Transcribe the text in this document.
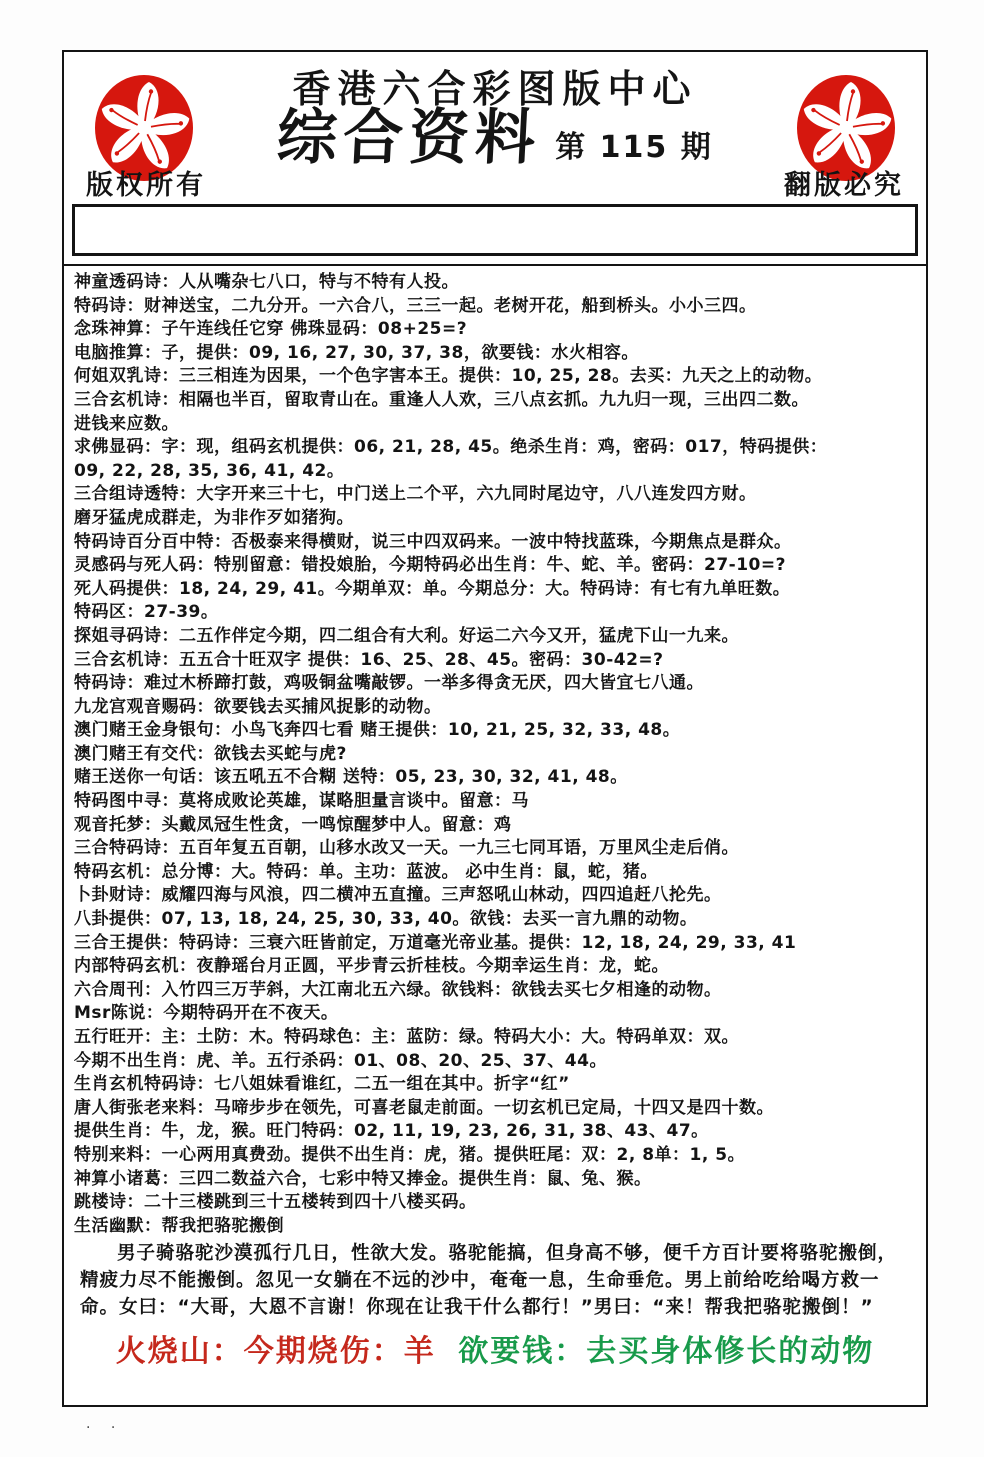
香港六合彩图版中心
综合资料 第 115 期
版权所有	翻版必究
神童透码诗：人从嘴杂七八口，特与不特有人投。
特码诗：财神送宝，二九分开。一六合八，三三一起。老树开花，船到桥头。小小三四。
念珠神算：子午连线任它穿 佛珠显码：08+25=?
电脑推算：子，提供：09, 16, 27, 30, 37, 38，欲要钱：水火相容。
何姐双乳诗：三三相连为因果，一个色字害本王。提供：10, 25, 28。去买：九天之上的动物。
三合玄机诗：相隔也半百，留取青山在。重逢人人欢，三八点玄抓。九九归一现，三出四二数。
进钱来应数。
求佛显码：字：现，组码玄机提供：06, 21, 28, 45。绝杀生肖：鸡，密码：017，特码提供：
09, 22, 28, 35, 36, 41, 42。
三合组诗透特：大字开来三十七，中门送上二个平，六九同时尾边守，八八连发四方财。
磨牙猛虎成群走，为非作歹如猪狗。
特码诗百分百中特：否极泰来得横财，说三中四双码来。一波中特找蓝珠，今期焦点是群众。
灵感码与死人码：特别留意：错投娘胎，今期特码必出生肖：牛、蛇、羊。密码：27-10=?
死人码提供：18, 24, 29, 41。今期单双：单。今期总分：大。特码诗：有七有九单旺数。
特码区：27-39。
探姐寻码诗：二五作伴定今期，四二组合有大利。好运二六今又开，猛虎下山一九来。
三合玄机诗：五五合十旺双字 提供：16、25、28、45。密码：30-42=?
特码诗：难过木桥蹄打鼓，鸡吸铜盆嘴敲锣。一举多得贪无厌，四大皆宜七八通。
九龙宫观音赐码：欲要钱去买捕风捉影的动物。
澳门赌王金身银句：小鸟飞奔四七看 赌王提供：10, 21, 25, 32, 33, 48。
澳门赌王有交代：欲钱去买蛇与虎?
赌王送你一句话：该五吼五不合糊 送特：05, 23, 30, 32, 41, 48。
特码图中寻：莫将成败论英雄，谋略胆量言谈中。留意：马
观音托梦：头戴凤冠生性贪，一鸣惊醒梦中人。留意：鸡
三合特码诗：五百年复五百朝，山移水改又一天。一九三七同耳语，万里风尘走后俏。
特码玄机：总分博：大。特码：单。主功：蓝波。 必中生肖：鼠，蛇，猪。
卜卦财诗：威耀四海与风浪，四二横冲五直撞。三声怒吼山林动，四四追赶八抡先。
八卦提供：07, 13, 18, 24, 25, 30, 33, 40。欲钱：去买一言九鼎的动物。
三合王提供：特码诗：三衰六旺皆前定，万道毫光帝业基。提供：12, 18, 24, 29, 33, 41
内部特码玄机：夜静瑶台月正圆，平步青云折桂枝。今期幸运生肖：龙，蛇。
六合周刊：入竹四三万芋斜，大江南北五六绿。欲钱料：欲钱去买七夕相逢的动物。
Msr陈说：今期特码开在不夜天。
五行旺开：主：土防：木。特码球色：主：蓝防：绿。特码大小：大。特码单双：双。
今期不出生肖：虎、羊。五行杀码：01、08、20、25、37、44。
生肖玄机特码诗：七八姐妹看谁红，二五一组在其中。折字“红”
唐人街张老来料：马啼步步在领先，可喜老鼠走前面。一切玄机已定局，十四又是四十数。
提供生肖：牛，龙，猴。旺门特码：02, 11, 19, 23, 26, 31, 38、43、47。
特别来料：一心两用真费劲。提供不出生肖：虎，猪。提供旺尾：双：2, 8单：1, 5。
神算小诸葛：三四二数益六合，七彩中特又捧金。提供生肖：鼠、兔、猴。
跳楼诗：二十三楼跳到三十五楼转到四十八楼买码。
生活幽默：帮我把骆驼搬倒
男子骑骆驼沙漠孤行几日，性欲大发。骆驼能搞，但身高不够，便千方百计要将骆驼搬倒，精疲力尽不能搬倒。忽见一女躺在不远的沙中，奄奄一息，生命垂危。男上前给吃给喝方救一命。女曰：“大哥，大恩不言谢！你现在让我干什么都行！”男曰：“来！帮我把骆驼搬倒！”
火烧山：今期烧伤：羊 欲要钱：去买身体修长的动物
· ·
